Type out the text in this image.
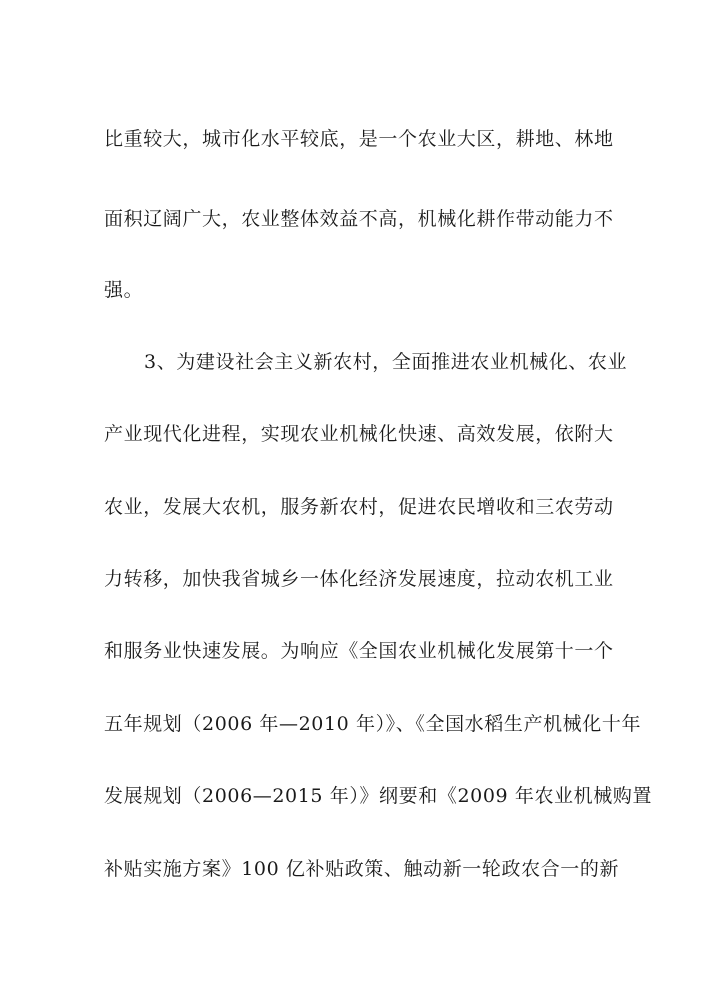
比重较大，城市化水平较底，是一个农业大区，耕地、林地
面积辽阔广大，农业整体效益不高，机械化耕作带动能力不
强。
3、为建设社会主义新农村，全面推进农业机械化、农业
产业现代化进程，实现农业机械化快速、高效发展，依附大
农业，发展大农机，服务新农村，促进农民增收和三农劳动
力转移，加快我省城乡一体化经济发展速度，拉动农机工业
和服务业快速发展。为响应《全国农业机械化发展第十一个
五年规划（2006 年—2010 年）》、《全国水稻生产机械化十年
发展规划（2006—2015 年）》纲要和《2009 年农业机械购置
补贴实施方案》100 亿补贴政策、触动新一轮政农合一的新
